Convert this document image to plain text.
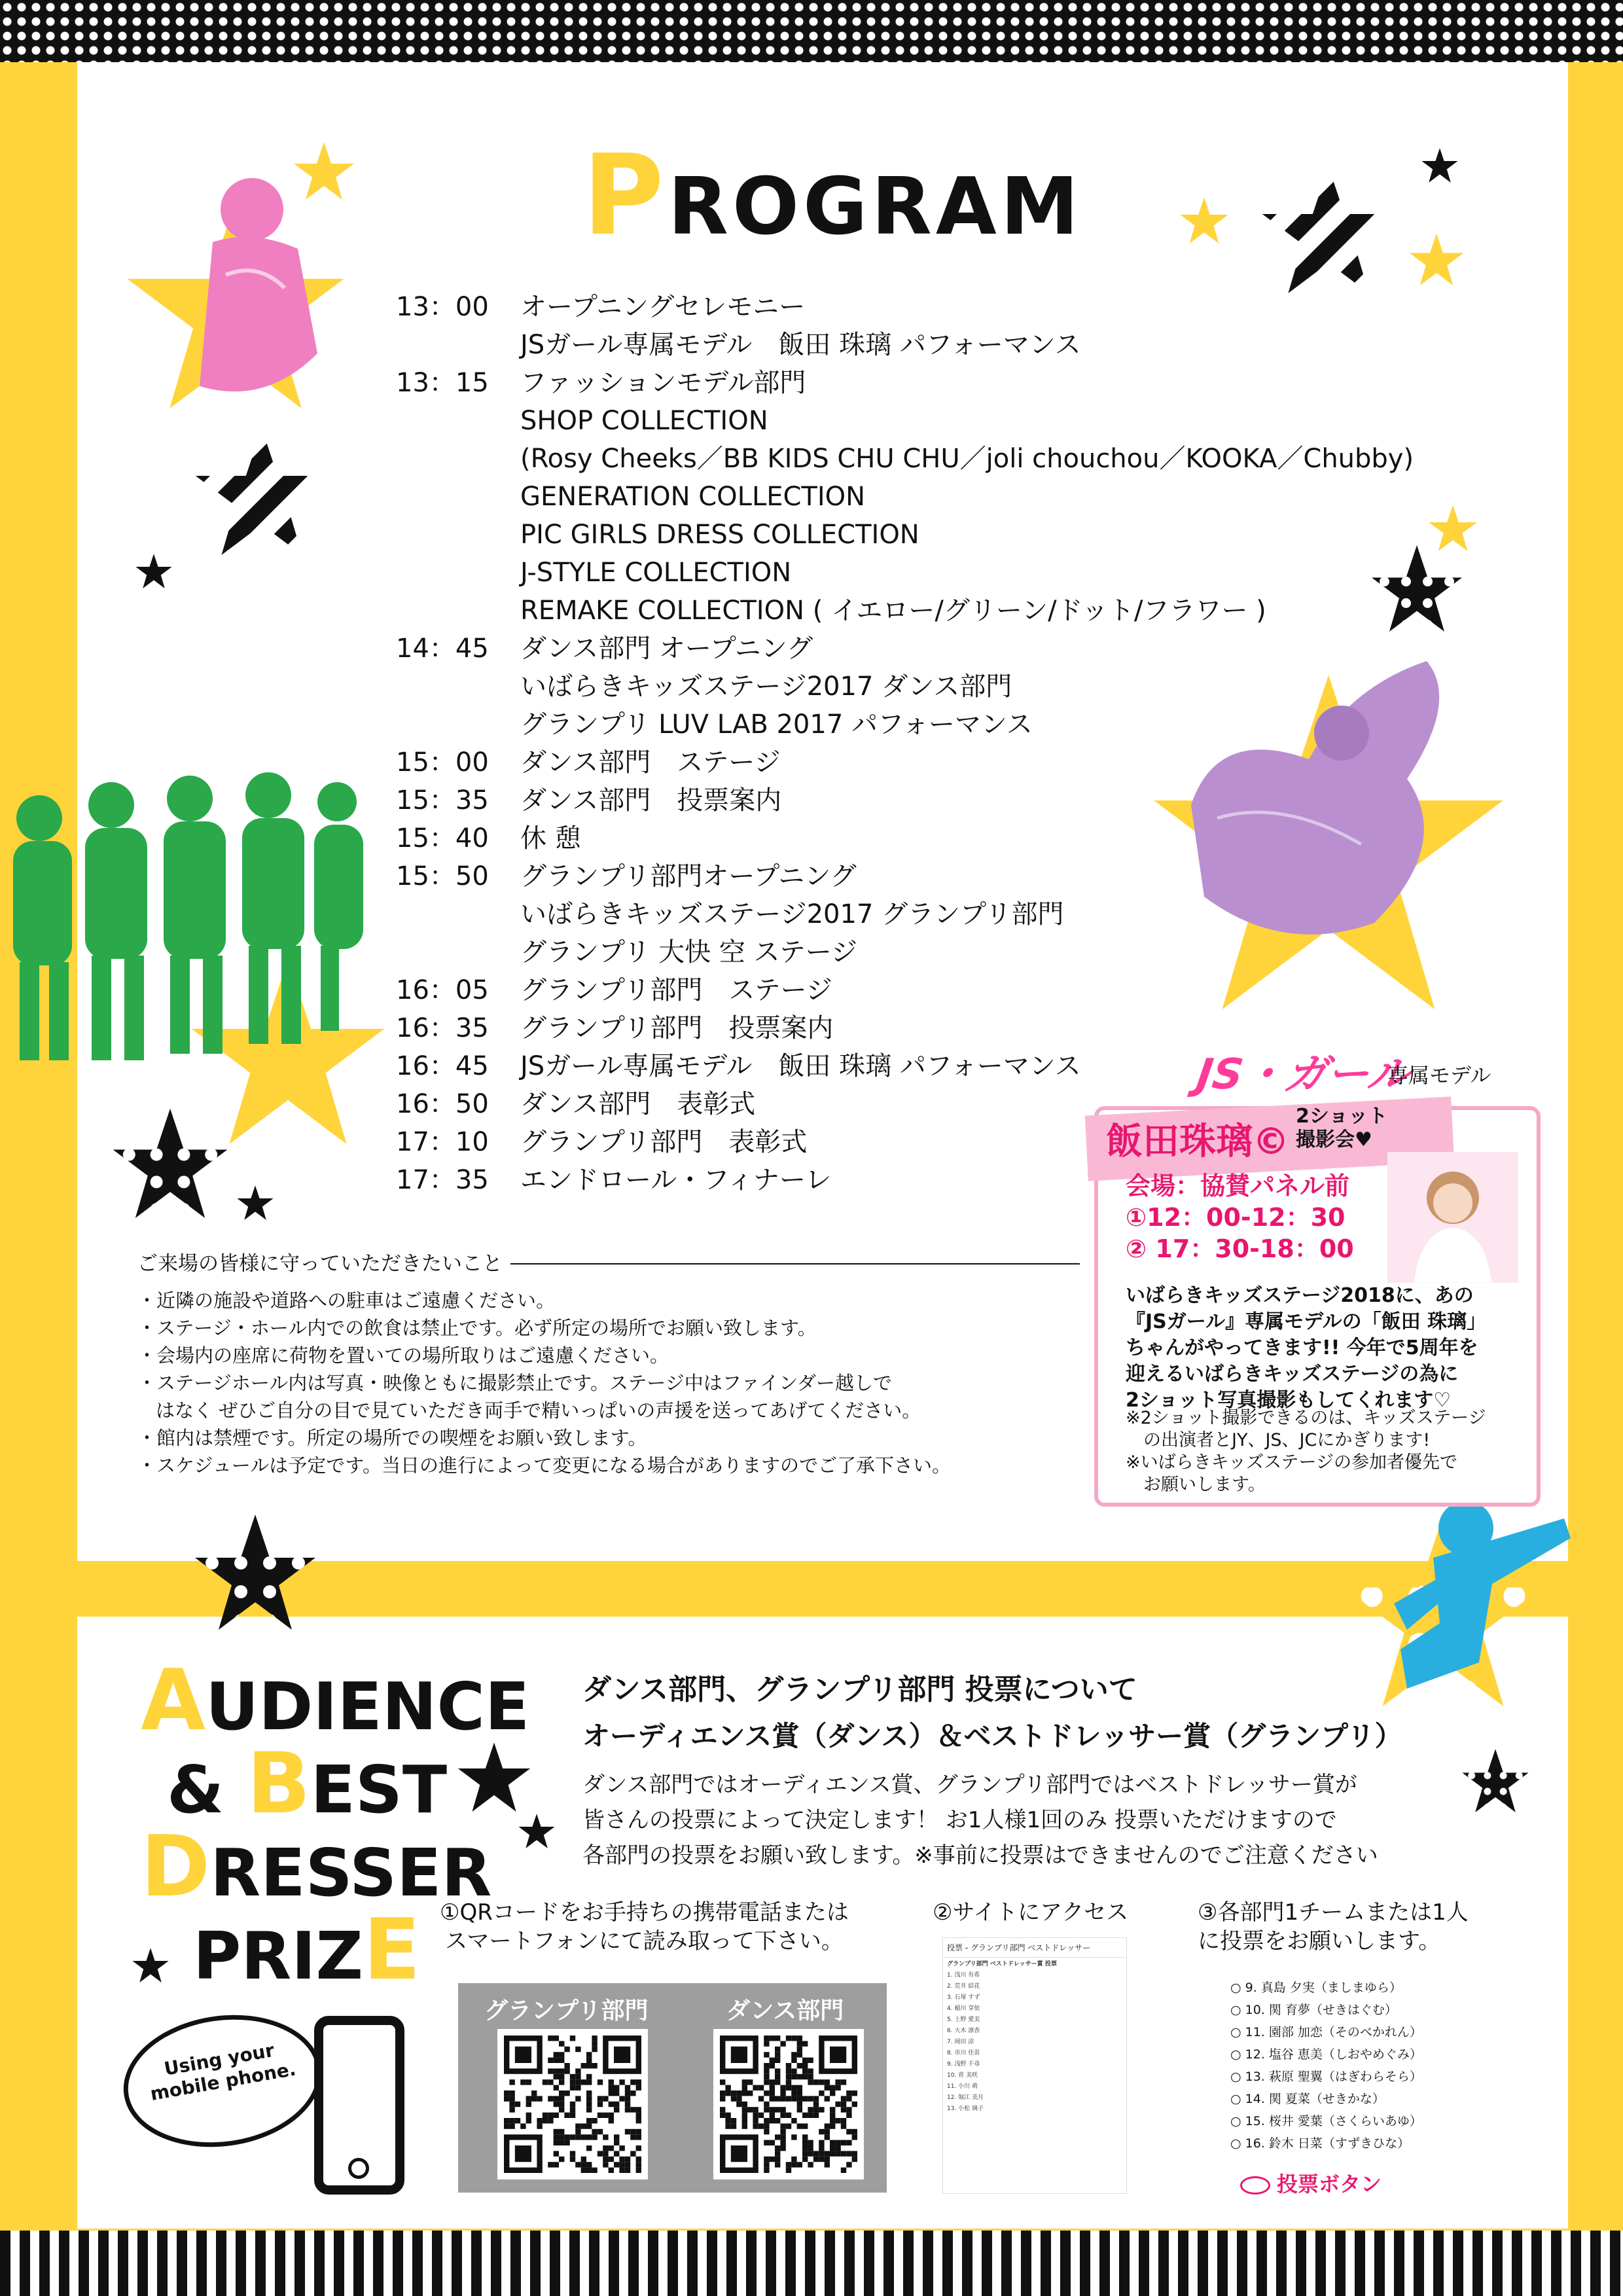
PROGRAM
13：00	オープニングセレモニー
JSガール専属モデル　飯田 珠璃 パフォーマンス
13：15	ファッションモデル部門
SHOP COLLECTION
(Rosy Cheeks／BB KIDS CHU CHU／joli chouchou／KOOKA／Chubby)
GENERATION COLLECTION
PIC GIRLS DRESS COLLECTION
J-STYLE COLLECTION
REMAKE COLLECTION ( イエロー/グリーン/ドット/フラワー )
14：45	ダンス部門 オープニング
いばらきキッズステージ2017 ダンス部門
グランプリ LUV LAB 2017 パフォーマンス
15：00	ダンス部門　ステージ
15：35	ダンス部門　投票案内
15：40	休 憩
15：50	グランプリ部門オープニング
いばらきキッズステージ2017 グランプリ部門
グランプリ 大快 空 ステージ
16：05	グランプリ部門　ステージ
16：35	グランプリ部門　投票案内
16：45	JSガール専属モデル　飯田 珠璃 パフォーマンス
16：50	ダンス部門　表彰式
17：10	グランプリ部門　表彰式
17：35	エンドロール・フィナーレ
ご来場の皆様に守っていただきたいこと
・近隣の施設や道路への駐車はご遠慮ください。
・ステージ・ホール内での飲食は禁止です。必ず所定の場所でお願い致します。
・会場内の座席に荷物を置いての場所取りはご遠慮ください。
・ステージホール内は写真・映像ともに撮影禁止です。ステージ中はファインダー越しで
はなく ぜひご自分の目で見ていただき両手で精いっぱいの声援を送ってあげてください。
・館内は禁煙です。所定の場所での喫煙をお願い致します。
・スケジュールは予定です。当日の進行によって変更になる場合がありますのでご了承下さい。
JS・ガール
専属モデル
飯田珠璃©
2ショット
撮影会♥
会場：協賛パネル前
①12：00-12：30
② 17：30-18：00
いばらきキッズステージ2018に、あの
『JSガール』専属モデルの「飯田 珠璃」
ちゃんがやってきます!! 今年で5周年を
迎えるいばらきキッズステージの為に
2ショット写真撮影もしてくれます♡
※2ショット撮影できるのは、キッズステージ
　の出演者とJY、JS、JCにかぎります!
※いばらきキッズステージの参加者優先で
　お願いします。
AUDIENCE
& BEST
DRESSER
PRIZE
ダンス部門、グランプリ部門 投票について
オーディエンス賞（ダンス）＆ベストドレッサー賞（グランプリ）
ダンス部門ではオーディエンス賞、グランプリ部門ではベストドレッサー賞が
皆さんの投票によって決定します！ お1人様1回のみ 投票いただけますので
各部門の投票をお願い致します。※事前に投票はできませんのでご注意ください
①QRコードをお手持ちの携帯電話または
スマートフォンにて読み取って下さい。
②サイトにアクセス	③各部門1チームまたは1人
に投票をお願いします。
グランプリ部門	ダンス部門
投票 - グランプリ部門 ベストドレッサー
グランプリ部門 ベストドレッサー賞 投票
1. 浅川 有希
2. 荒井 結花
3. 石塚 すず
4. 稲川 芽依
5. 上野 愛美
6. 大木 凛香
7. 岡田 涼
8. 市川 佳苗
9. 浅野 千尋
10. 菅 美咲
11. 小川 萌
12. 堀江 美月
13. 小松 璃子
○ 9. 真島 夕実（ましまゆら）
○ 10. 関 育夢（せきはぐむ）
○ 11. 園部 加恋（そのべかれん）
○ 12. 塩谷 恵美（しおやめぐみ）
○ 13. 萩原 聖翼（はぎわらそら）
○ 14. 関 夏菜（せきかな）
○ 15. 桜井 愛葉（さくらいあゆ）
○ 16. 鈴木 日菜（すずきひな）
投票ボタン
Using your mobile phone.
